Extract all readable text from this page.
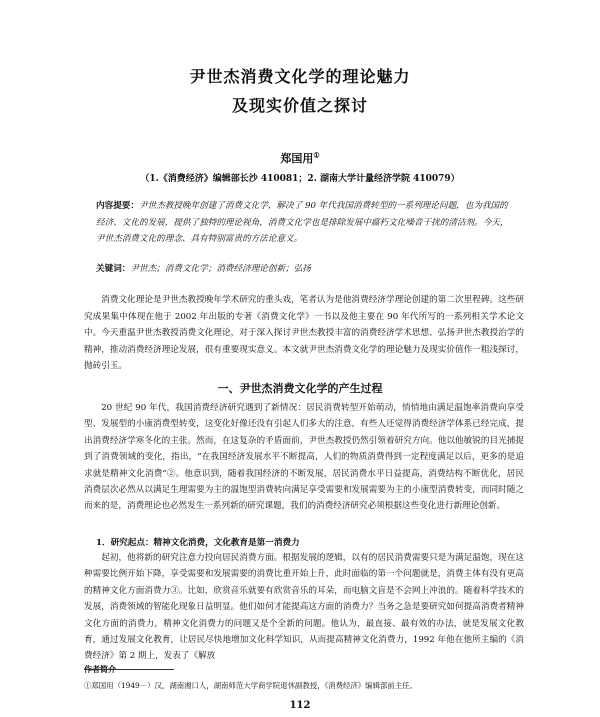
尹世杰消费文化学的理论魅力
及现实价值之探讨
郑国用①
（1.《消费经济》编辑部长沙 410081；2. 湖南大学计量经济学院 410079）
内容提要：尹世杰教授晚年创建了消费文化学，解决了 90 年代我国消费转型的一系列理论问题，也为我国的经济、文化的发展，提供了独特的理论视角，消费文化学也是排除发展中腐朽文化噪音干扰的清洁剂。今天，尹世杰消费文化的理念、具有特别富贵的方法论意义。
关键词：尹世杰；消费文化学；消费经济理论创新；弘扬
消费文化理论是尹世杰教授晚年学术研究的重头戏，笔者认为是他消费经济学理论创建的第二次里程碑。这些研究成果集中体现在他于 2002 年出版的专著《消费文化学》一书以及他主要在 90 年代所写的一系列相关学术论文中。今天重温尹世杰教授消费文化理论，对于深入探讨尹世杰教授丰富的消费经济学术思想、弘扬尹世杰教授治学的精神，推动消费经济理论发展，很有重要现实意义。本文就尹世杰消费文化学的理论魅力及现实价值作一粗浅探讨，抛砖引玉。
一、尹世杰消费文化学的产生过程
20 世纪 90 年代，我国消费经济研究遇到了新情况：居民消费转型开始萌动，悄悄地由满足温饱率消费向享受型、发展型的小康消费型转变，这变化好像还没有引起人们多大的注意，有些人还觉得消费经济学体系已经完成，提出消费经济学寒冬化的主张。然而，在这复杂的矛盾面前，尹世杰教授仍然引领着研究方向。他以他敏锐的目光捕捉到了消费领域的变化，指出，“在我国经济发展水平不断提高，人们的物质消费得到一定程度满足以后，更多的是追求就是精神文化消费”②。他意识到，随着我国经济的不断发展，居民消费水平日益提高，消费结构不断优化，居民消费层次必然从以满足生理需要为主的温饱型消费转向满足享受需要和发展需要为主的小康型消费转变，而同时随之而来的是，消费理论也必然发生一系列新的研究课题，我们的消费经济研究必须根据这些变化进行新理论创新。
1．研究起点：精神文化消费，文化教育是第一消费力
起初，他将新的研究注意力投向居民消费方面。根据发展的逻辑，以有的居民消费需要只是为满足温饱，现在这种需要比例开始下降，享受需要和发展需要的消费比重开始上升，此时面临的第一个问题就是，消费主体有没有更高的精神文化方面消费力③。比如，欣赏音乐就要有欣赏音乐的耳朵，而电脑文盲是不会网上冲浪的。随着科学技术的发展，消费领域的智能化现象日益明显。他们如何才能提高这方面的消费力？当务之急是要研究如何提高消费者精神文化方面的消费力，精神文化消费力的问题又是个全新的问题。他认为，最直接、最有效的办法，就是发展文化教育，通过发展文化教育，让居民尽快地增加文化科学知识，从而提高精神文化消费力，1992 年他在他所主编的《消费经济》第 2 期上，发表了《解放
作者简介
①郑国用（1949－）汉，湖南湘口人，湖南师范大学商学院退休副教授，《消费经济》编辑部前主任。
112
